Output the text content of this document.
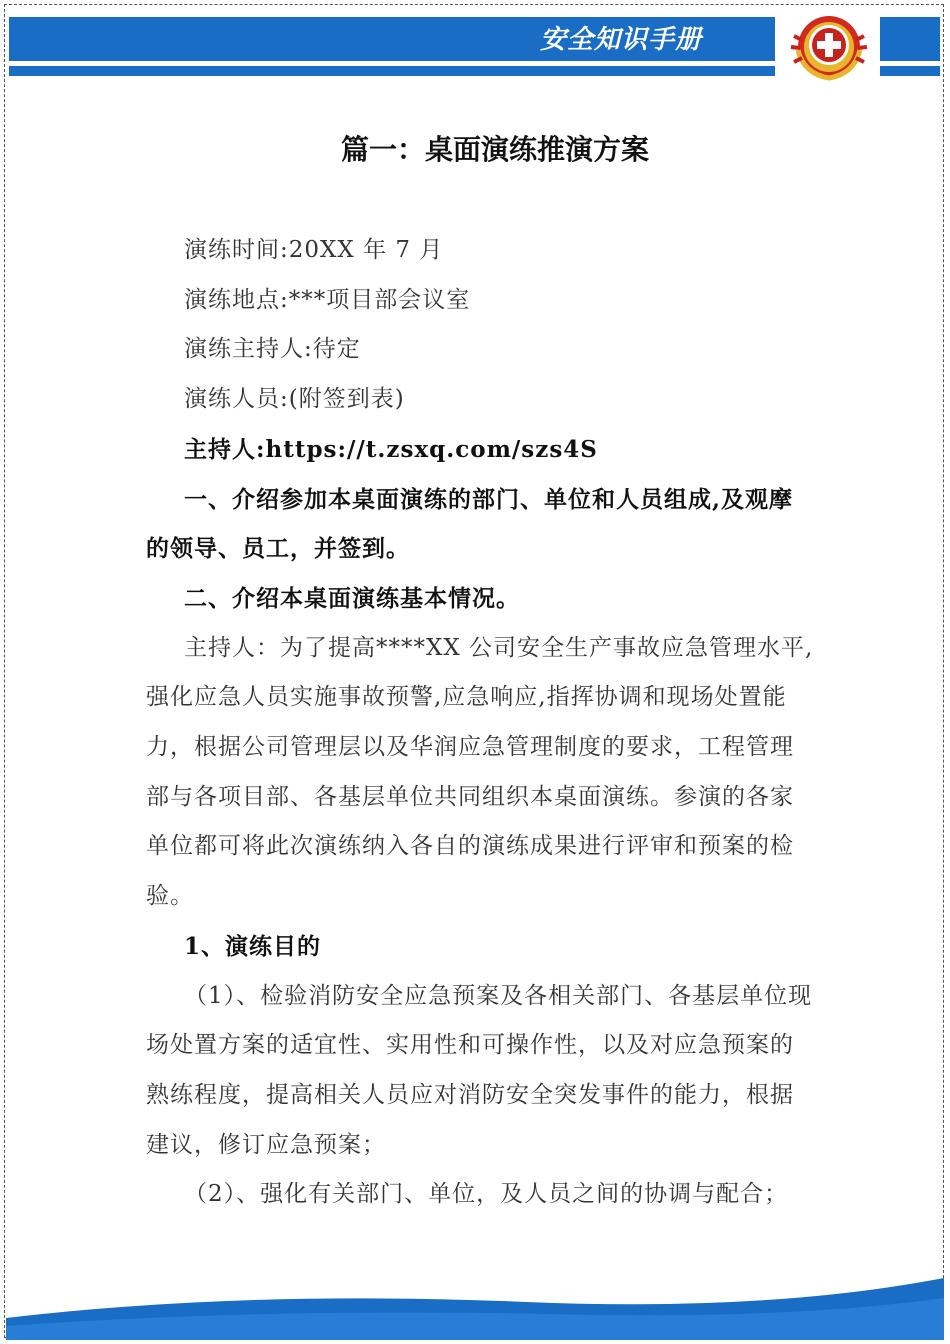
安全知识手册
篇一：桌面演练推演方案

演练时间:20XX 年 7 月

演练地点:***项目部会议室

演练主持人:待定

演练人员:(附签到表)

主持人:https://t.zsxq.com/szs4S

一、介绍参加本桌面演练的部门、单位和人员组成,及观摩的领导、员工，并签到。

二、介绍本桌面演练基本情况。

主持人：为了提高****XX 公司安全生产事故应急管理水平,强化应急人员实施事故预警,应急响应,指挥协调和现场处置能力，根据公司管理层以及华润应急管理制度的要求，工程管理部与各项目部、各基层单位共同组织本桌面演练。参演的各家单位都可将此次演练纳入各自的演练成果进行评审和预案的检验。

1、演练目的

（1）、检验消防安全应急预案及各相关部门、各基层单位现场处置方案的适宜性、实用性和可操作性，以及对应急预案的熟练程度，提高相关人员应对消防安全突发事件的能力，根据建议，修订应急预案；

（2）、强化有关部门、单位，及人员之间的协调与配合；
